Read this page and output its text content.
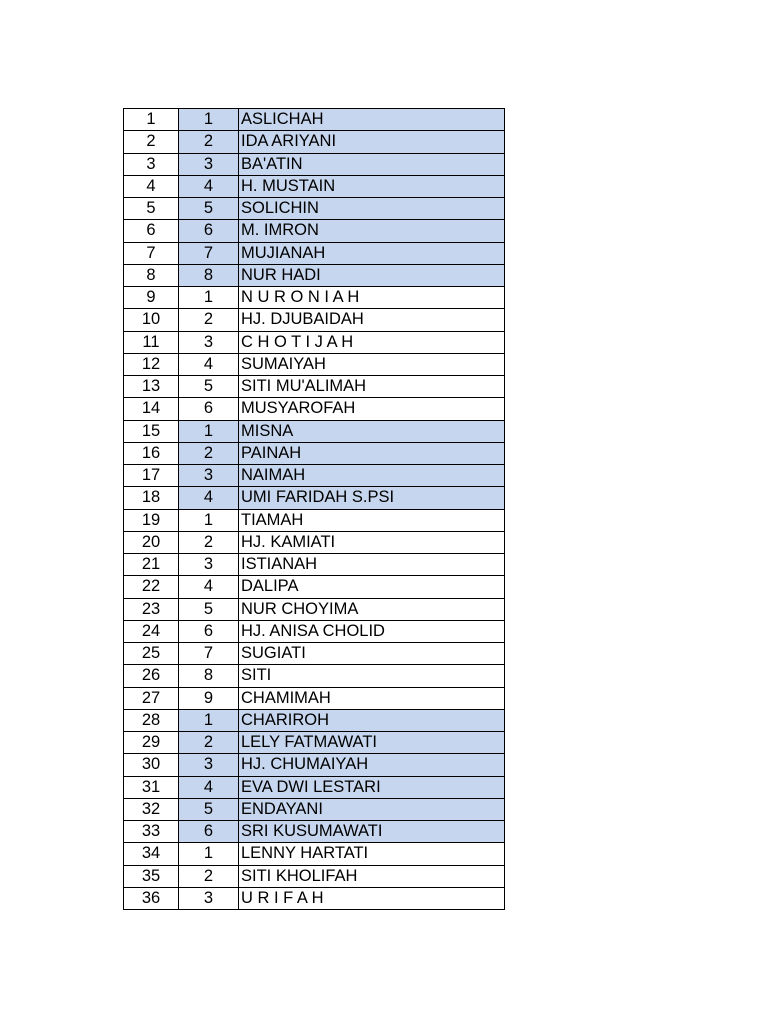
1	1	ASLICHAH
2	2	IDA ARIYANI
3	3	BA'ATIN
4	4	H. MUSTAIN
5	5	SOLICHIN
6	6	M. IMRON
7	7	MUJIANAH
8	8	NUR HADI
9	1	N U R O N I A H
10	2	HJ. DJUBAIDAH
11	3	C H O T I J A H
12	4	SUMAIYAH
13	5	SITI MU'ALIMAH
14	6	MUSYAROFAH
15	1	MISNA
16	2	PAINAH
17	3	NAIMAH
18	4	UMI FARIDAH S.PSI
19	1	TIAMAH
20	2	HJ. KAMIATI
21	3	ISTIANAH
22	4	DALIPA
23	5	NUR CHOYIMA
24	6	HJ. ANISA CHOLID
25	7	SUGIATI
26	8	SITI
27	9	CHAMIMAH
28	1	CHARIROH
29	2	LELY FATMAWATI
30	3	HJ. CHUMAIYAH
31	4	EVA DWI LESTARI
32	5	ENDAYANI
33	6	SRI KUSUMAWATI
34	1	LENNY HARTATI
35	2	SITI KHOLIFAH
36	3	U R I F A H
